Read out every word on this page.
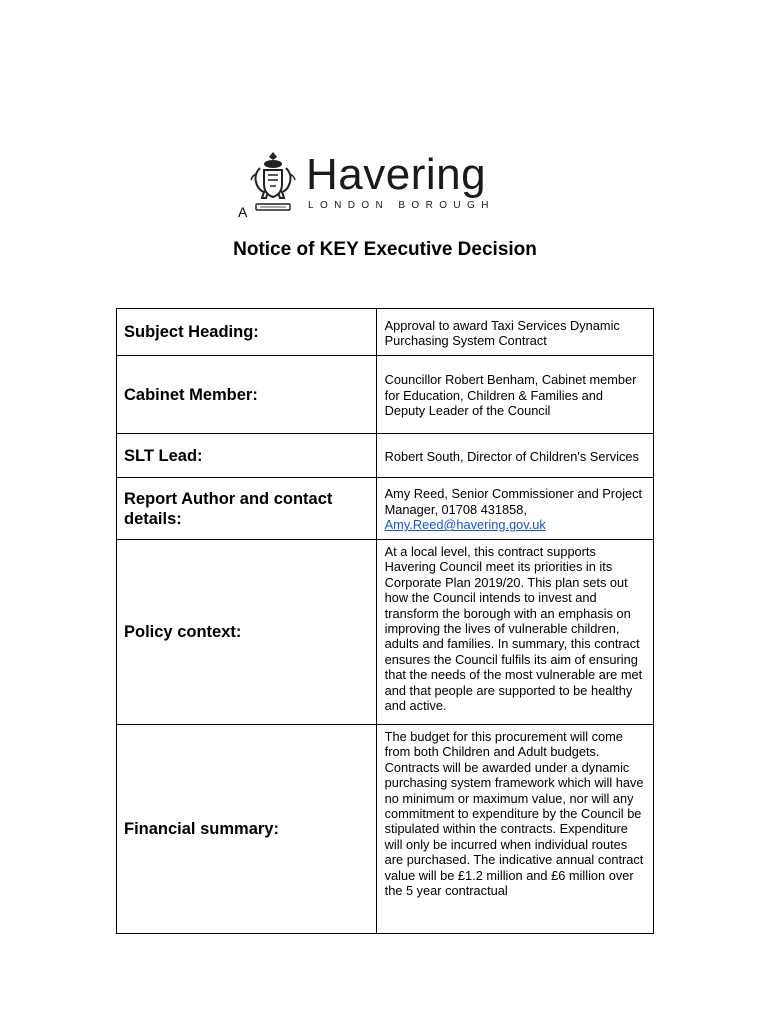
Havering
LONDON BOROUGH
A
Notice of KEY Executive Decision
Subject Heading:	Approval to award Taxi Services Dynamic Purchasing System Contract
Cabinet Member:	Councillor Robert Benham, Cabinet member for Education, Children & Families and Deputy Leader of the Council
SLT Lead:	Robert South, Director of Children's Services
Report Author and contact details:	Amy Reed, Senior Commissioner and Project Manager, 01708 431858,
Amy.Reed@havering.gov.uk
Policy context:	At a local level, this contract supports Havering Council meet its priorities in its Corporate Plan 2019/20. This plan sets out how the Council intends to invest and transform the borough with an emphasis on improving the lives of vulnerable children, adults and families. In summary, this contract ensures the Council fulfils its aim of ensuring that the needs of the most vulnerable are met and that people are supported to be healthy and active.
Financial summary:	The budget for this procurement will come from both Children and Adult budgets. Contracts will be awarded under a dynamic purchasing system framework which will have no minimum or maximum value, nor will any commitment to expenditure by the Council be stipulated within the contracts. Expenditure will only be incurred when individual routes are purchased. The indicative annual contract value will be £1.2 million and £6 million over the 5 year contractual
